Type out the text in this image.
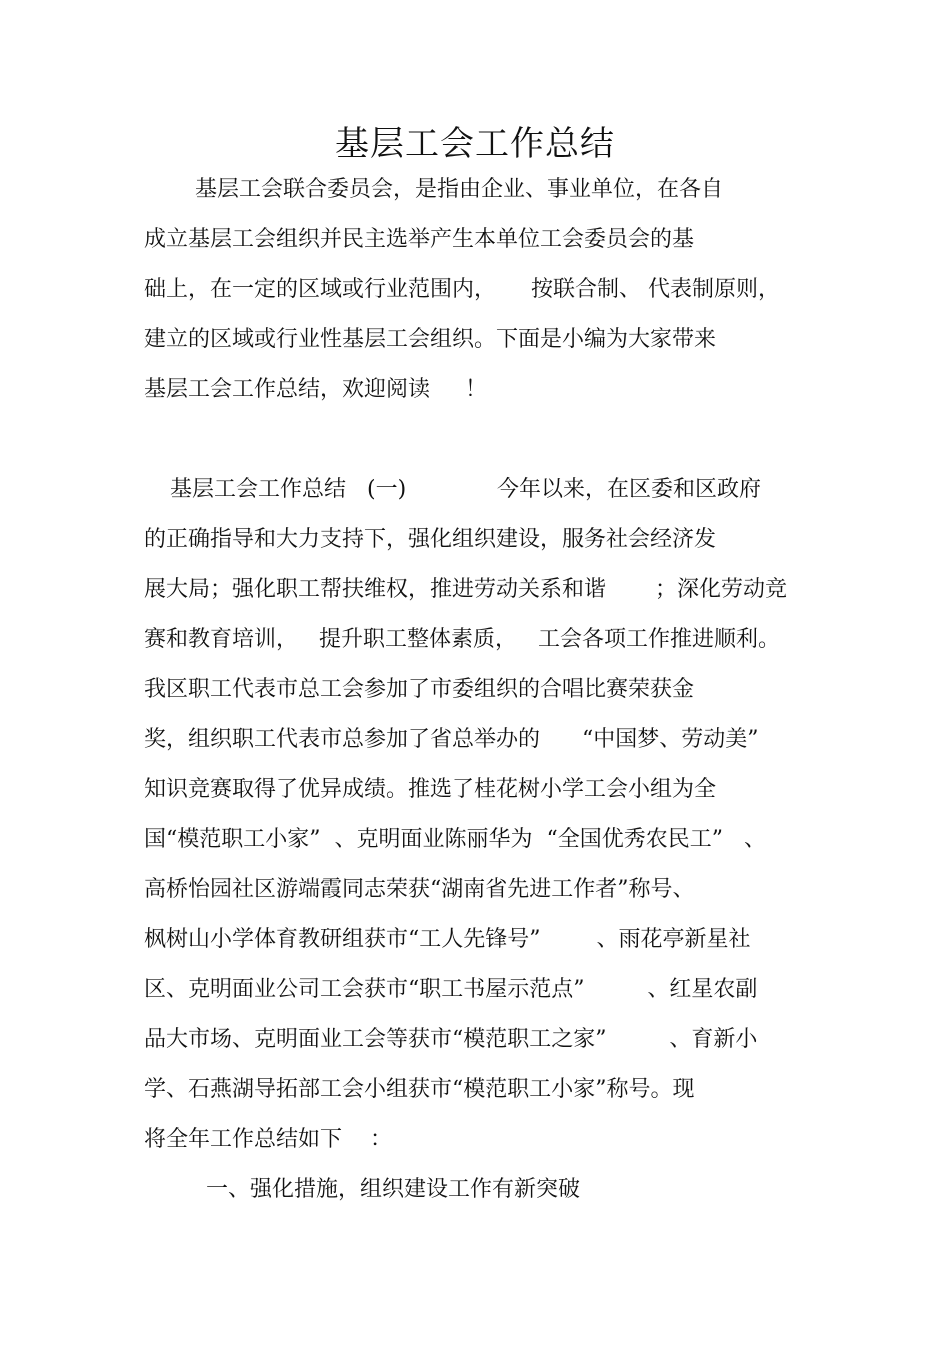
基层工会工作总结
基层工会联合委员会，是指由企业、事业单位，在各自
成立基层工会组织并民主选举产生本单位工会委员会的基
础上，在一定的区域或行业范围内，     按联合制、 代表制原则，
建立的区域或行业性基层工会组织。下面是小编为大家带来
基层工会工作总结，欢迎阅读     ！
基层工会工作总结   (一)             今年以来，在区委和区政府
的正确指导和大力支持下，强化组织建设，服务社会经济发
展大局；强化职工帮扶维权，推进劳动关系和谐       ；深化劳动竞
赛和教育培训，   提升职工整体素质，   工会各项工作推进顺利。
我区职工代表市总工会参加了市委组织的合唱比赛荣获金
奖，组织职工代表市总参加了省总举办的      “中国梦、劳动美”
知识竞赛取得了优异成绩。推选了桂花树小学工会小组为全
国“模范职工小家”  、克明面业陈丽华为  “全国优秀农民工”   、
高桥怡园社区游端霞同志荣获“湖南省先进工作者”称号、
枫树山小学体育教研组获市“工人先锋号”        、雨花亭新星社
区、克明面业公司工会获市“职工书屋示范点”         、红星农副
品大市场、克明面业工会等获市“模范职工之家”         、育新小
学、石燕湖导拓部工会小组获市“模范职工小家”称号。现
将全年工作总结如下    ：
一、强化措施，组织建设工作有新突破
